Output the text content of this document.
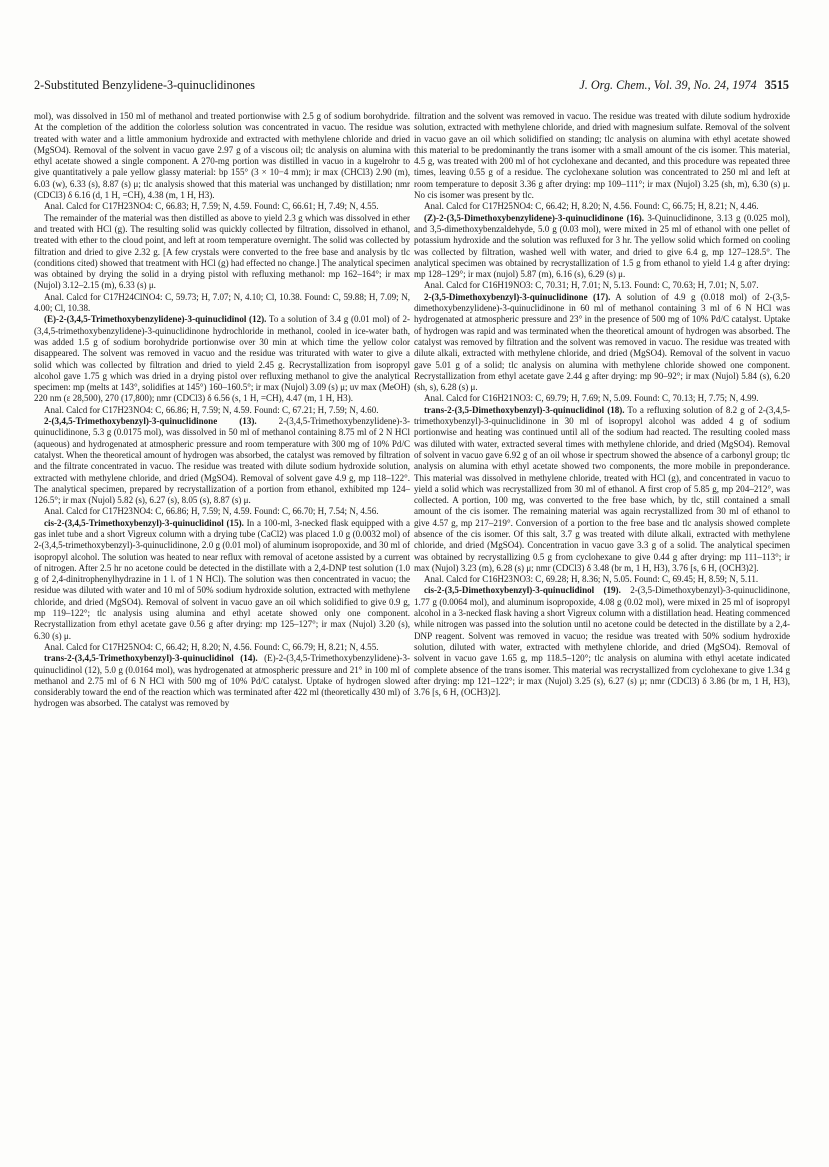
2-Substituted Benzylidene-3-quinuclidinones	J. Org. Chem., Vol. 39, No. 24, 1974 3515

mol), was dissolved in 150 ml of methanol and treated portionwise with 2.5 g of sodium borohydride. At the completion of the addition the colorless solution was concentrated in vacuo. The residue was treated with water and a little ammonium hydroxide and extracted with methylene chloride and dried (MgSO4). Removal of the solvent in vacuo gave 2.97 g of a viscous oil; tlc analysis on alumina with ethyl acetate showed a single component. A 270-mg portion was distilled in vacuo in a kugelrohr to give quantitatively a pale yellow glassy material: bp 155° (3 × 10−4 mm); ir max (CHCl3) 2.90 (m), 6.03 (w), 6.33 (s), 8.87 (s) μ; tlc analysis showed that this material was unchanged by distillation; nmr (CDCl3) δ 6.16 (d, 1 H, =CH), 4.38 (m, 1 H, H3).

Anal. Calcd for C17H23NO4: C, 66.83; H, 7.59; N, 4.59. Found: C, 66.61; H, 7.49; N, 4.55.

The remainder of the material was then distilled as above to yield 2.3 g which was dissolved in ether and treated with HCl (g). The resulting solid was quickly collected by filtration, dissolved in ethanol, treated with ether to the cloud point, and left at room temperature overnight. The solid was collected by filtration and dried to give 2.32 g. [A few crystals were converted to the free base and analysis by tlc (conditions cited) showed that treatment with HCl (g) had effected no change.] The analytical specimen was obtained by drying the solid in a drying pistol with refluxing methanol: mp 162–164°; ir max (Nujol) 3.12–2.15 (m), 6.33 (s) μ.

Anal. Calcd for C17H24ClNO4: C, 59.73; H, 7.07; N, 4.10; Cl, 10.38. Found: C, 59.88; H, 7.09; N, 4.00; Cl, 10.38.

(E)-2-(3,4,5-Trimethoxybenzylidene)-3-quinuclidinol (12). To a solution of 3.4 g (0.01 mol) of 2-(3,4,5-trimethoxybenzylidene)-3-quinuclidinone hydrochloride in methanol, cooled in ice-water bath, was added 1.5 g of sodium borohydride portionwise over 30 min at which time the yellow color disappeared. The solvent was removed in vacuo and the residue was triturated with water to give a solid which was collected by filtration and dried to yield 2.45 g. Recrystallization from isopropyl alcohol gave 1.75 g which was dried in a drying pistol over refluxing methanol to give the analytical specimen: mp (melts at 143°, solidifies at 145°) 160–160.5°; ir max (Nujol) 3.09 (s) μ; uv max (MeOH) 220 nm (ε 28,500), 270 (17,800); nmr (CDCl3) δ 6.56 (s, 1 H, =CH), 4.47 (m, 1 H, H3).

Anal. Calcd for C17H23NO4: C, 66.86; H, 7.59; N, 4.59. Found: C, 67.21; H, 7.59; N, 4.60.

2-(3,4,5-Trimethoxybenzyl)-3-quinuclidinone (13). 2-(3,4,5-Trimethoxybenzylidene)-3-quinuclidinone, 5.3 g (0.0175 mol), was dissolved in 50 ml of methanol containing 8.75 ml of 2 N HCl (aqueous) and hydrogenated at atmospheric pressure and room temperature with 300 mg of 10% Pd/C catalyst. When the theoretical amount of hydrogen was absorbed, the catalyst was removed by filtration and the filtrate concentrated in vacuo. The residue was treated with dilute sodium hydroxide solution, extracted with methylene chloride, and dried (MgSO4). Removal of solvent gave 4.9 g, mp 118–122°. The analytical specimen, prepared by recrystallization of a portion from ethanol, exhibited mp 124–126.5°; ir max (Nujol) 5.82 (s), 6.27 (s), 8.05 (s), 8.87 (s) μ.

Anal. Calcd for C17H23NO4: C, 66.86; H, 7.59; N, 4.59. Found: C, 66.70; H, 7.54; N, 4.56.

cis-2-(3,4,5-Trimethoxybenzyl)-3-quinuclidinol (15). In a 100-ml, 3-necked flask equipped with a gas inlet tube and a short Vigreux column with a drying tube (CaCl2) was placed 1.0 g (0.0032 mol) of 2-(3,4,5-trimethoxybenzyl)-3-quinuclidinone, 2.0 g (0.01 mol) of aluminum isopropoxide, and 30 ml of isopropyl alcohol. The solution was heated to near reflux with removal of acetone assisted by a current of nitrogen. After 2.5 hr no acetone could be detected in the distillate with a 2,4-DNP test solution (1.0 g of 2,4-dinitrophenylhydrazine in 1 l. of 1 N HCl). The solution was then concentrated in vacuo; the residue was diluted with water and 10 ml of 50% sodium hydroxide solution, extracted with methylene chloride, and dried (MgSO4). Removal of solvent in vacuo gave an oil which solidified to give 0.9 g, mp 119–122°; tlc analysis using alumina and ethyl acetate showed only one component. Recrystallization from ethyl acetate gave 0.56 g after drying: mp 125–127°; ir max (Nujol) 3.20 (s), 6.30 (s) μ.

Anal. Calcd for C17H25NO4: C, 66.42; H, 8.20; N, 4.56. Found: C, 66.79; H, 8.21; N, 4.55.

trans-2-(3,4,5-Trimethoxybenzyl)-3-quinuclidinol (14). (E)-2-(3,4,5-Trimethoxybenzylidene)-3-quinuclidinol (12), 5.0 g (0.0164 mol), was hydrogenated at atmospheric pressure and 21° in 100 ml of methanol and 2.75 ml of 6 N HCl with 500 mg of 10% Pd/C catalyst. Uptake of hydrogen slowed considerably toward the end of the reaction which was terminated after 422 ml (theoretically 430 ml) of hydrogen was absorbed. The catalyst was removed by

filtration and the solvent was removed in vacuo. The residue was treated with dilute sodium hydroxide solution, extracted with methylene chloride, and dried with magnesium sulfate. Removal of the solvent in vacuo gave an oil which solidified on standing; tlc analysis on alumina with ethyl acetate showed this material to be predominantly the trans isomer with a small amount of the cis isomer. This material, 4.5 g, was treated with 200 ml of hot cyclohexane and decanted, and this procedure was repeated three times, leaving 0.55 g of a residue. The cyclohexane solution was concentrated to 250 ml and left at room temperature to deposit 3.36 g after drying: mp 109–111°; ir max (Nujol) 3.25 (sh, m), 6.30 (s) μ. No cis isomer was present by tlc.

Anal. Calcd for C17H25NO4: C, 66.42; H, 8.20; N, 4.56. Found: C, 66.75; H, 8.21; N, 4.46.

(Z)-2-(3,5-Dimethoxybenzylidene)-3-quinuclidinone (16). 3-Quinuclidinone, 3.13 g (0.025 mol), and 3,5-dimethoxybenzaldehyde, 5.0 g (0.03 mol), were mixed in 25 ml of ethanol with one pellet of potassium hydroxide and the solution was refluxed for 3 hr. The yellow solid which formed on cooling was collected by filtration, washed well with water, and dried to give 6.4 g, mp 127–128.5°. The analytical specimen was obtained by recrystallization of 1.5 g from ethanol to yield 1.4 g after drying: mp 128–129°; ir max (nujol) 5.87 (m), 6.16 (s), 6.29 (s) μ.

Anal. Calcd for C16H19NO3: C, 70.31; H, 7.01; N, 5.13. Found: C, 70.63; H, 7.01; N, 5.07.

2-(3,5-Dimethoxybenzyl)-3-quinuclidinone (17). A solution of 4.9 g (0.018 mol) of 2-(3,5-dimethoxybenzylidene)-3-quinuclidinone in 60 ml of methanol containing 3 ml of 6 N HCl was hydrogenated at atmospheric pressure and 23° in the presence of 500 mg of 10% Pd/C catalyst. Uptake of hydrogen was rapid and was terminated when the theoretical amount of hydrogen was absorbed. The catalyst was removed by filtration and the solvent was removed in vacuo. The residue was treated with dilute alkali, extracted with methylene chloride, and dried (MgSO4). Removal of the solvent in vacuo gave 5.01 g of a solid; tlc analysis on alumina with methylene chloride showed one component. Recrystallization from ethyl acetate gave 2.44 g after drying: mp 90–92°; ir max (Nujol) 5.84 (s), 6.20 (sh, s), 6.28 (s) μ.

Anal. Calcd for C16H21NO3: C, 69.79; H, 7.69; N, 5.09. Found: C, 70.13; H, 7.75; N, 4.99.

trans-2-(3,5-Dimethoxybenzyl)-3-quinuclidinol (18). To a refluxing solution of 8.2 g of 2-(3,4,5-trimethoxybenzyl)-3-quinuclidinone in 30 ml of isopropyl alcohol was added 4 g of sodium portionwise and heating was continued until all of the sodium had reacted. The resulting cooled mass was diluted with water, extracted several times with methylene chloride, and dried (MgSO4). Removal of solvent in vacuo gave 6.92 g of an oil whose ir spectrum showed the absence of a carbonyl group; tlc analysis on alumina with ethyl acetate showed two components, the more mobile in preponderance. This material was dissolved in methylene chloride, treated with HCl (g), and concentrated in vacuo to yield a solid which was recrystallized from 30 ml of ethanol. A first crop of 5.85 g, mp 204–212°, was collected. A portion, 100 mg, was converted to the free base which, by tlc, still contained a small amount of the cis isomer. The remaining material was again recrystallized from 30 ml of ethanol to give 4.57 g, mp 217–219°. Conversion of a portion to the free base and tlc analysis showed complete absence of the cis isomer. Of this salt, 3.7 g was treated with dilute alkali, extracted with methylene chloride, and dried (MgSO4). Concentration in vacuo gave 3.3 g of a solid. The analytical specimen was obtained by recrystallizing 0.5 g from cyclohexane to give 0.44 g after drying: mp 111–113°; ir max (Nujol) 3.23 (m), 6.28 (s) μ; nmr (CDCl3) δ 3.48 (br m, 1 H, H3), 3.76 [s, 6 H, (OCH3)2].

Anal. Calcd for C16H23NO3: C, 69.28; H, 8.36; N, 5.05. Found: C, 69.45; H, 8.59; N, 5.11.

cis-2-(3,5-Dimethoxybenzyl)-3-quinuclidinol (19). 2-(3,5-Dimethoxybenzyl)-3-quinuclidinone, 1.77 g (0.0064 mol), and aluminum isopropoxide, 4.08 g (0.02 mol), were mixed in 25 ml of isopropyl alcohol in a 3-necked flask having a short Vigreux column with a distillation head. Heating commenced while nitrogen was passed into the solution until no acetone could be detected in the distillate by a 2,4-DNP reagent. Solvent was removed in vacuo; the residue was treated with 50% sodium hydroxide solution, diluted with water, extracted with methylene chloride, and dried (MgSO4). Removal of solvent in vacuo gave 1.65 g, mp 118.5–120°; tlc analysis on alumina with ethyl acetate indicated complete absence of the trans isomer. This material was recrystallized from cyclohexane to give 1.34 g after drying: mp 121–122°; ir max (Nujol) 3.25 (s), 6.27 (s) μ; nmr (CDCl3) δ 3.86 (br m, 1 H, H3), 3.76 [s, 6 H, (OCH3)2].
